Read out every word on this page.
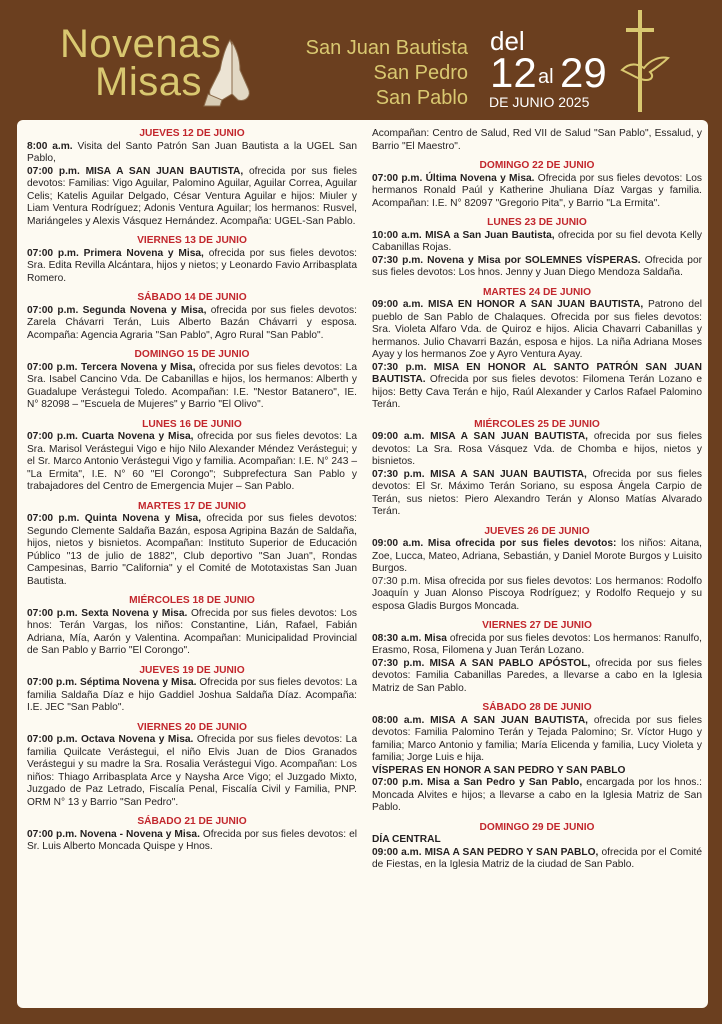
Novenas
Misas
San Juan Bautista
San Pedro
San Pablo
del
12 al 29
DE JUNIO 2025
JUEVES 12 DE JUNIO
8:00 a.m. Visita del Santo Patrón San Juan Bautista a la UGEL San Pablo,
07:00 p.m. MISA A SAN JUAN BAUTISTA, ofrecida por sus fieles devotos: Familias: Vigo Aguilar, Palomino Aguilar, Aguilar Correa, Aguilar Celis; Katelis Aguilar Delgado, César Ventura Aguilar e hijos: Miuler y Liam Ventura Rodríguez; Adonis Ventura Aguilar; los hermanos: Rusvel, Mariángeles y Alexis Vásquez Hernández. Acompaña: UGEL-San Pablo.
VIERNES 13 DE JUNIO
07:00 p.m. Primera Novena y Misa, ofrecida por sus fieles devotos: Sra. Edita Revilla Alcántara, hijos y nietos; y Leonardo Favio Arribasplata Romero.
SÁBADO 14 DE JUNIO
07:00 p.m. Segunda Novena y Misa, ofrecida por sus fieles devotos: Zarela Chávarri Terán, Luis Alberto Bazán Chávarri y esposa. Acompaña: Agencia Agraria "San Pablo", Agro Rural "San Pablo".
DOMINGO 15 DE JUNIO
07:00 p.m. Tercera Novena y Misa, ofrecida por sus fieles devotos: La Sra. Isabel Cancino Vda. De Cabanillas e hijos, los hermanos: Alberth y Guadalupe Verástegui Toledo. Acompañan: I.E. "Nestor Batanero", IE. N° 82098 – "Escuela de Mujeres" y Barrio "El Olivo".
LUNES 16 DE JUNIO
07:00 p.m. Cuarta Novena y Misa, ofrecida por sus fieles devotos: La Sra. Marisol Verástegui Vigo e hijo Nilo Alexander Méndez Verástegui; y el Sr. Marco Antonio Verástegui Vigo y familia. Acompañan: I.E. N° 243 – "La Ermita", I.E. N° 60 "El Corongo"; Subprefectura San Pablo y trabajadores del Centro de Emergencia Mujer – San Pablo.
MARTES 17 DE JUNIO
07:00 p.m. Quinta Novena y Misa, ofrecida por sus fieles devotos: Segundo Clemente Saldaña Bazán, esposa Agripina Bazán de Saldaña, hijos, nietos y bisnietos. Acompañan: Instituto Superior de Educación Público "13 de julio de 1882", Club deportivo "San Juan", Rondas Campesinas, Barrio "California" y el Comité de Mototaxistas San Juan Bautista.
MIÉRCOLES 18 DE JUNIO
07:00 p.m. Sexta Novena y Misa. Ofrecida por sus fieles devotos: Los hnos: Terán Vargas, los niños: Constantine, Lián, Rafael, Fabián Adriana, Mía, Aarón y Valentina. Acompañan: Municipalidad Provincial de San Pablo y Barrio "El Corongo".
JUEVES 19 DE JUNIO
07:00 p.m. Séptima Novena y Misa. Ofrecida por sus fieles devotos: La familia Saldaña Díaz e hijo Gaddiel Joshua Saldaña Díaz. Acompaña: I.E. JEC "San Pablo".
VIERNES 20 DE JUNIO
07:00 p.m. Octava Novena y Misa. Ofrecida por sus fieles devotos: La familia Quilcate Verástegui, el niño Elvis Juan de Dios Granados Verástegui y su madre la Sra. Rosalia Verástegui Vigo. Acompañan: Los niños: Thiago Arribasplata Arce y Naysha Arce Vigo; el Juzgado Mixto, Juzgado de Paz Letrado, Fiscalía Penal, Fiscalía Civil y Familia, PNP. ORM N° 13 y Barrio "San Pedro".
SÁBADO 21 DE JUNIO
07:00 p.m. Novena - Novena y Misa. Ofrecida por sus fieles devotos: el Sr. Luis Alberto Moncada Quispe y Hnos.
Acompañan: Centro de Salud, Red VII de Salud "San Pablo", Essalud, y Barrio "El Maestro".
DOMINGO 22 DE JUNIO
07:00 p.m. Última Novena y Misa. Ofrecida por sus fieles devotos: Los hermanos Ronald Paúl y Katherine Jhuliana Díaz Vargas y familia. Acompañan: I.E. N° 82097 "Gregorio Pita", y Barrio "La Ermita".
LUNES 23 DE JUNIO
10:00 a.m. MISA a San Juan Bautista, ofrecida por su fiel devota Kelly Cabanillas Rojas.
07:30 p.m. Novena y Misa por SOLEMNES VÍSPERAS. Ofrecida por sus fieles devotos: Los hnos. Jenny y Juan Diego Mendoza Saldaña.
MARTES 24 DE JUNIO
09:00 a.m. MISA EN HONOR A SAN JUAN BAUTISTA, Patrono del pueblo de San Pablo de Chalaques. Ofrecida por sus fieles devotos: Sra. Violeta Alfaro Vda. de Quiroz e hijos. Alicia Chavarri Cabanillas y hermanos. Julio Chavarri Bazán, esposa e hijos. La niña Adriana Moses Ayay y los hermanos Zoe y Ayro Ventura Ayay.
07:30 p.m. MISA EN HONOR AL SANTO PATRÓN SAN JUAN BAUTISTA. Ofrecida por sus fieles devotos: Filomena Terán Lozano e hijos: Betty Cava Terán e hijo, Raúl Alexander y Carlos Rafael Palomino Terán.
MIÉRCOLES 25 DE JUNIO
09:00 a.m. MISA A SAN JUAN BAUTISTA, ofrecida por sus fieles devotos: La Sra. Rosa Vásquez Vda. de Chomba e hijos, nietos y bisnietos.
07:30 p.m. MISA A SAN JUAN BAUTISTA, Ofrecida por sus fieles devotos: El Sr. Máximo Terán Soriano, su esposa Ángela Carpio de Terán, sus nietos: Piero Alexandro Terán y Alonso Matías Alvarado Terán.
JUEVES 26 DE JUNIO
09:00 a.m. Misa ofrecida por sus fieles devotos: los niños: Aitana, Zoe, Lucca, Mateo, Adriana, Sebastián, y Daniel Morote Burgos y Luisito Burgos.
07:30 p.m. Misa ofrecida por sus fieles devotos: Los hermanos: Rodolfo Joaquín y Juan Alonso Piscoya Rodríguez; y Rodolfo Requejo y su esposa Gladis Burgos Moncada.
VIERNES 27 DE JUNIO
08:30 a.m. Misa ofrecida por sus fieles devotos: Los hermanos: Ranulfo, Erasmo, Rosa, Filomena y Juan Terán Lozano.
07:30 p.m. MISA A SAN PABLO APÓSTOL, ofrecida por sus fieles devotos: Familia Cabanillas Paredes, a llevarse a cabo en la Iglesia Matriz de San Pablo.
SÁBADO 28 DE JUNIO
08:00 a.m. MISA A SAN JUAN BAUTISTA, ofrecida por sus fieles devotos: Familia Palomino Terán y Tejada Palomino; Sr. Víctor Hugo y familia; Marco Antonio y familia; María Elicenda y familia, Lucy Violeta y familia; Jorge Luis e hija.
VÍSPERAS EN HONOR A SAN PEDRO Y SAN PABLO
07:00 p.m. Misa a San Pedro y San Pablo, encargada por los hnos.: Moncada Alvites e hijos; a llevarse a cabo en la Iglesia Matriz de San Pablo.
DOMINGO 29 DE JUNIO
DÍA CENTRAL
09:00 a.m. MISA A SAN PEDRO Y SAN PABLO, ofrecida por el Comité de Fiestas, en la Iglesia Matriz de la ciudad de San Pablo.
